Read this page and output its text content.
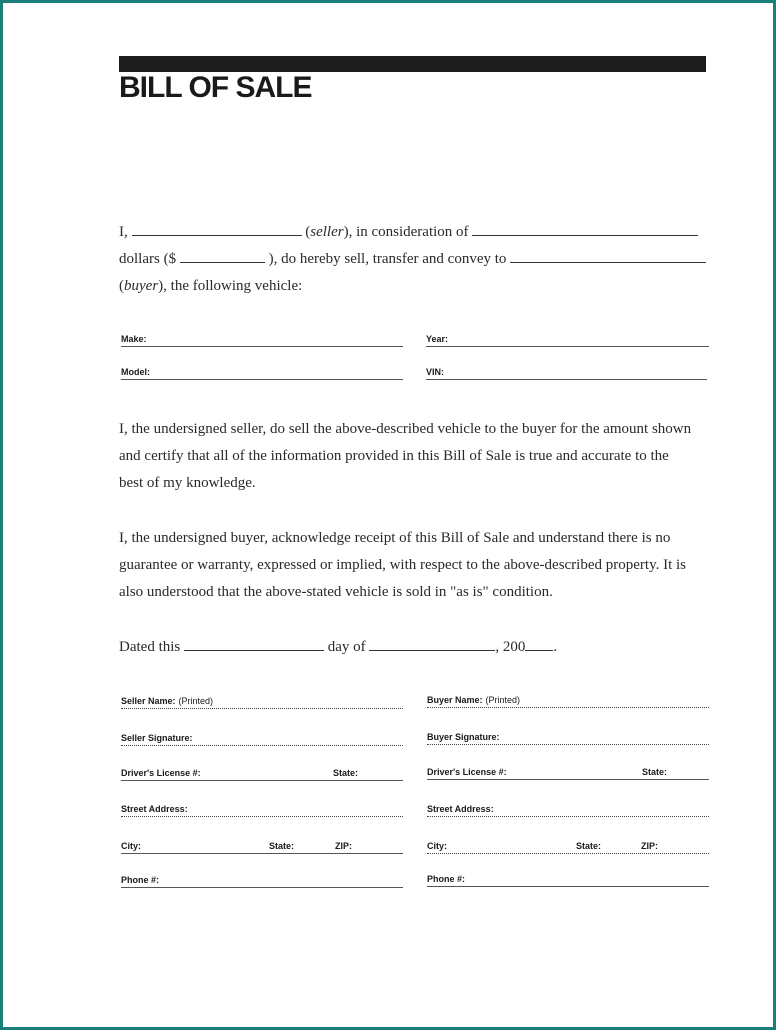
BILL OF SALE

I,	(seller), in consideration of

dollars ($	), do hereby sell, transfer and convey to

(buyer), the following vehicle:

Make:	Year:
Model:	VIN:

I, the undersigned seller, do sell the above-described vehicle to the buyer for the amount shown

and certify that all of the information provided in this Bill of Sale is true and accurate to the

best of my knowledge.

I, the undersigned buyer, acknowledge receipt of this Bill of Sale and understand there is no

guarantee or warranty, expressed or implied, with respect to the above-described property. It is

also understood that the above-stated vehicle is sold in "as is" condition.

Dated this	day of	, 200 .

Seller Name: (Printed)
Seller Signature:
Driver's License #:	State:
Street Address:
City:	State:	ZIP:
Phone #:
Buyer Name: (Printed)
Buyer Signature:
Driver's License #:	State:
Street Address:
City:	State:	ZIP:
Phone #:
